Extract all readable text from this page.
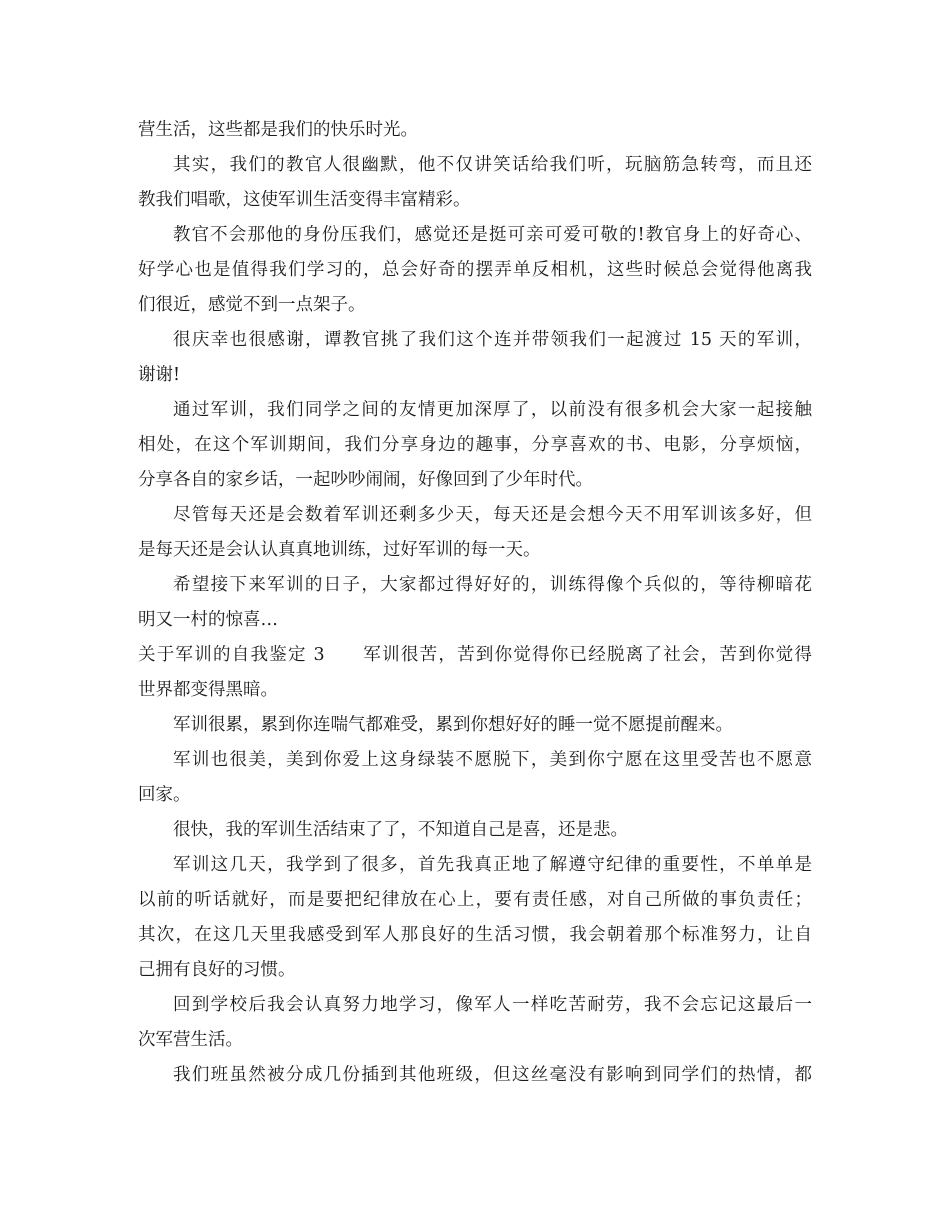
营生活，这些都是我们的快乐时光。
其实，我们的教官人很幽默，他不仅讲笑话给我们听，玩脑筋急转弯，而且还
教我们唱歌，这使军训生活变得丰富精彩。
教官不会那他的身份压我们，感觉还是挺可亲可爱可敬的!教官身上的好奇心、
好学心也是值得我们学习的，总会好奇的摆弄单反相机，这些时候总会觉得他离我
们很近，感觉不到一点架子。
很庆幸也很感谢，谭教官挑了我们这个连并带领我们一起渡过 15 天的军训，
谢谢!
通过军训，我们同学之间的友情更加深厚了，以前没有很多机会大家一起接触
相处，在这个军训期间，我们分享身边的趣事，分享喜欢的书、电影，分享烦恼，
分享各自的家乡话，一起吵吵闹闹，好像回到了少年时代。
尽管每天还是会数着军训还剩多少天，每天还是会想今天不用军训该多好，但
是每天还是会认认真真地训练，过好军训的每一天。
希望接下来军训的日子，大家都过得好好的，训练得像个兵似的，等待柳暗花
明又一村的惊喜…
关于军训的自我鉴定 3　　军训很苦，苦到你觉得你已经脱离了社会，苦到你觉得
世界都变得黑暗。
军训很累，累到你连喘气都难受，累到你想好好的睡一觉不愿提前醒来。
军训也很美，美到你爱上这身绿装不愿脱下，美到你宁愿在这里受苦也不愿意
回家。
很快，我的军训生活结束了了，不知道自己是喜，还是悲。
军训这几天，我学到了很多，首先我真正地了解遵守纪律的重要性，不单单是
以前的听话就好，而是要把纪律放在心上，要有责任感，对自己所做的事负责任；
其次，在这几天里我感受到军人那良好的生活习惯，我会朝着那个标准努力，让自
己拥有良好的习惯。
回到学校后我会认真努力地学习，像军人一样吃苦耐劳，我不会忘记这最后一
次军营生活。
我们班虽然被分成几份插到其他班级，但这丝毫没有影响到同学们的热情，都
